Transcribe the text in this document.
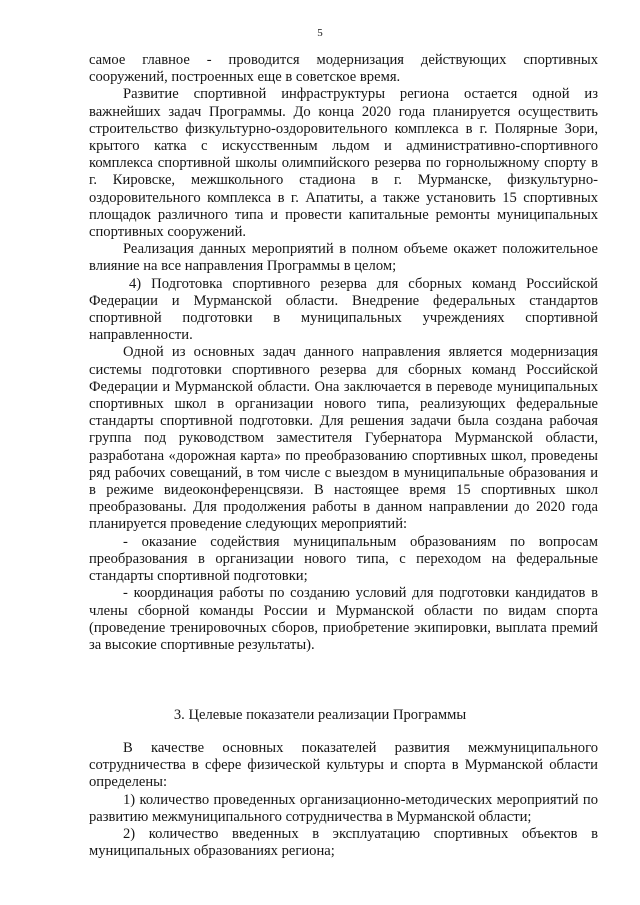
5

самое главное - проводится модернизация действующих спортивных сооружений, построенных еще в советское время.

Развитие спортивной инфраструктуры региона остается одной из важнейших задач Программы. До конца 2020 года планируется осуществить строительство физкультурно-оздоровительного комплекса в г. Полярные Зори, крытого катка с искусственным льдом и административно-спортивного комплекса спортивной школы олимпийского резерва по горнолыжному спорту в г. Кировске, межшкольного стадиона в г. Мурманске, физкультурно-оздоровительного комплекса в г. Апатиты, а также установить 15 спортивных площадок различного типа и провести капитальные ремонты муниципальных спортивных сооружений.

Реализация данных мероприятий в полном объеме окажет положительное влияние на все направления Программы в целом;

4) Подготовка спортивного резерва для сборных команд Российской Федерации и Мурманской области. Внедрение федеральных стандартов спортивной подготовки в муниципальных учреждениях спортивной направленности.

Одной из основных задач данного направления является модернизация системы подготовки спортивного резерва для сборных команд Российской Федерации и Мурманской области. Она заключается в переводе муниципальных спортивных школ в организации нового типа, реализующих федеральные стандарты спортивной подготовки. Для решения задачи была создана рабочая группа под руководством заместителя Губернатора Мурманской области, разработана «дорожная карта» по преобразованию спортивных школ, проведены ряд рабочих совещаний, в том числе с выездом в муниципальные образования и в режиме видеоконференцсвязи. В настоящее время 15 спортивных школ преобразованы. Для продолжения работы в данном направлении до 2020 года планируется проведение следующих мероприятий:

- оказание содействия муниципальным образованиям по вопросам преобразования в организации нового типа, с переходом на федеральные стандарты спортивной подготовки;

- координация работы по созданию условий для подготовки кандидатов в члены сборной команды России и Мурманской области по видам спорта (проведение тренировочных сборов, приобретение экипировки, выплата премий за высокие спортивные результаты).

3. Целевые показатели реализации Программы

В качестве основных показателей развития межмуниципального сотрудничества в сфере физической культуры и спорта в Мурманской области определены:

1) количество проведенных организационно-методических мероприятий по развитию межмуниципального сотрудничества в Мурманской области;

2) количество введенных в эксплуатацию спортивных объектов в муниципальных образованиях региона;
